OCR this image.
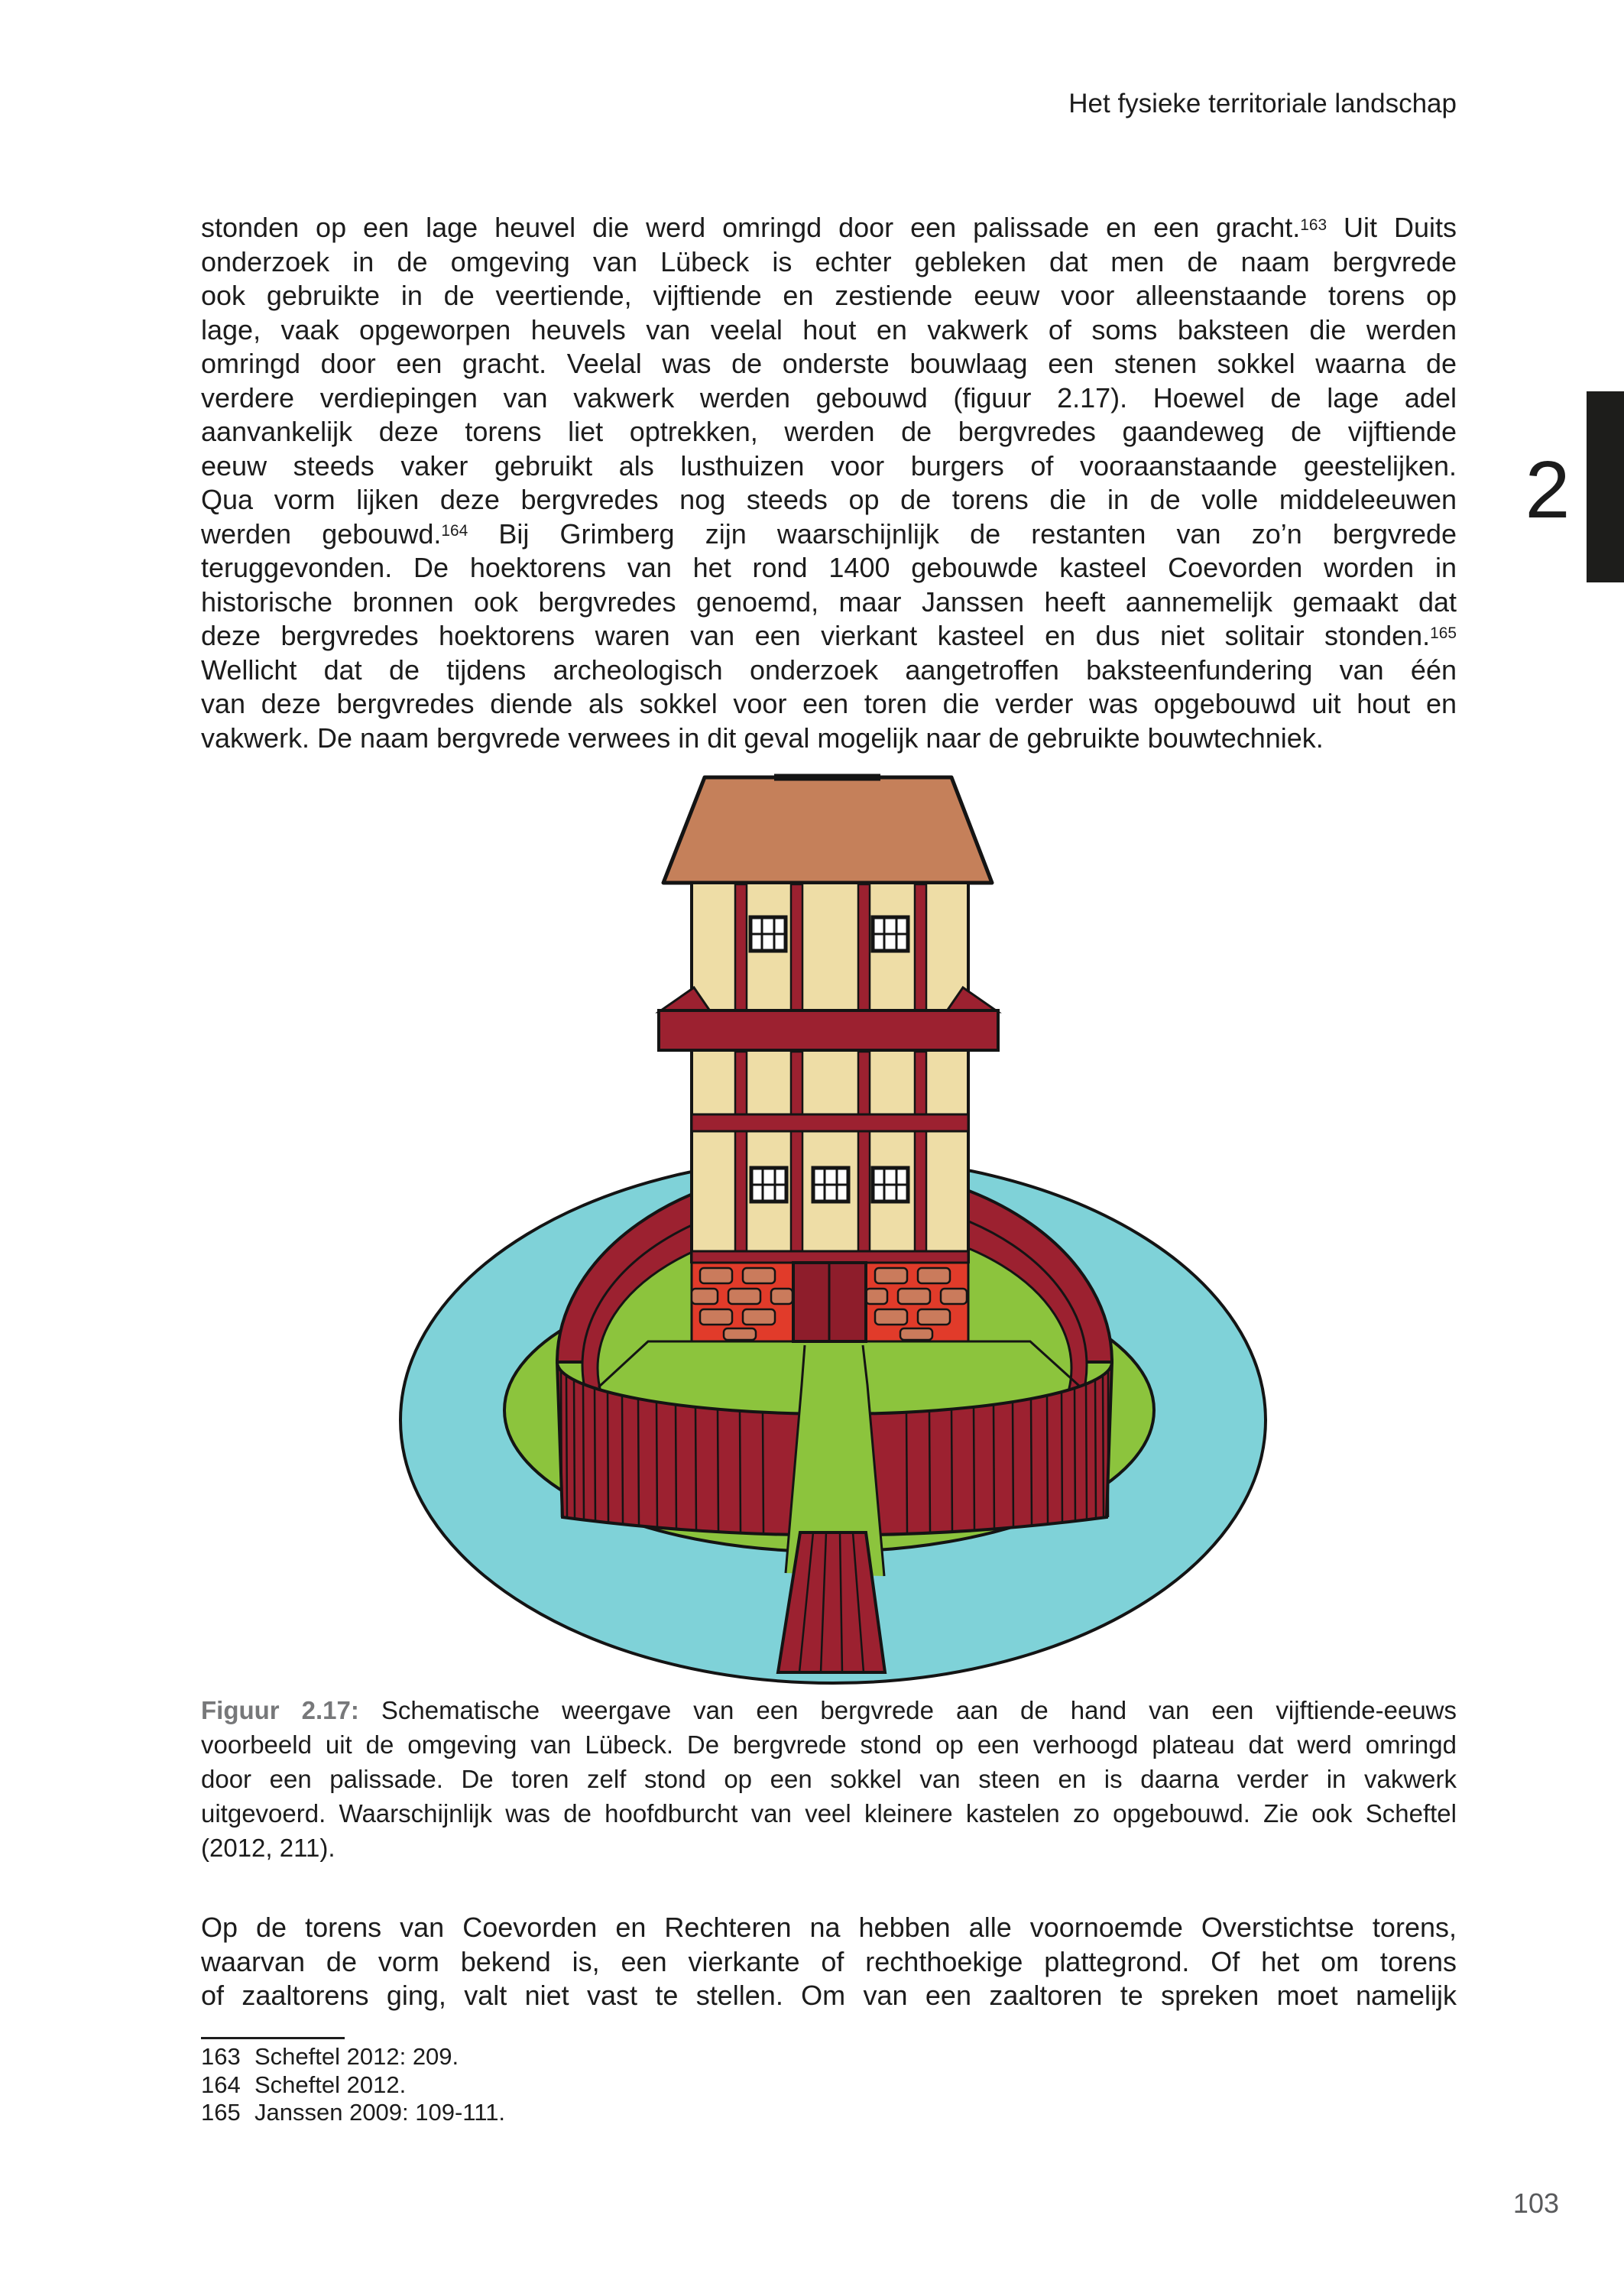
Het fysieke territoriale landschap
2
stonden op een lage heuvel die werd omringd door een palissade en een gracht.$^{163}$ Uit Duits
onderzoek in de omgeving van Lübeck is echter gebleken dat men de naam bergvrede
ook gebruikte in de veertiende, vijftiende en zestiende eeuw voor alleenstaande torens op
lage, vaak opgeworpen heuvels van veelal hout en vakwerk of soms baksteen die werden
omringd door een gracht. Veelal was de onderste bouwlaag een stenen sokkel waarna de
verdere verdiepingen van vakwerk werden gebouwd (figuur 2.17). Hoewel de lage adel
aanvankelijk deze torens liet optrekken, werden de bergvredes gaandeweg de vijftiende
eeuw steeds vaker gebruikt als lusthuizen voor burgers of vooraanstaande geestelijken.
Qua vorm lijken deze bergvredes nog steeds op de torens die in de volle middeleeuwen
werden gebouwd.$^{164}$ Bij Grimberg zijn waarschijnlijk de restanten van zo’n bergvrede
teruggevonden. De hoektorens van het rond 1400 gebouwde kasteel Coevorden worden in
historische bronnen ook bergvredes genoemd, maar Janssen heeft aannemelijk gemaakt dat
deze bergvredes hoektorens waren van een vierkant kasteel en dus niet solitair stonden.$^{165}$
Wellicht dat de tijdens archeologisch onderzoek aangetroffen baksteenfundering van één
van deze bergvredes diende als sokkel voor een toren die verder was opgebouwd uit hout en
vakwerk. De naam bergvrede verwees in dit geval mogelijk naar de gebruikte bouwtechniek.
Figuur 2.17: Schematische weergave van een bergvrede aan de hand van een vijftiende-eeuws
voorbeeld uit de omgeving van Lübeck. De bergvrede stond op een verhoogd plateau dat werd omringd
door een palissade. De toren zelf stond op een sokkel van steen en is daarna verder in vakwerk
uitgevoerd. Waarschijnlijk was de hoofdburcht van veel kleinere kastelen zo opgebouwd. Zie ook Scheftel
(2012, 211).
Op de torens van Coevorden en Rechteren na hebben alle voornoemde Overstichtse torens,
waarvan de vorm bekend is, een vierkante of rechthoekige plattegrond. Of het om torens
of zaaltorens ging, valt niet vast te stellen. Om van een zaaltoren te spreken moet namelijk
163 Scheftel 2012: 209.
164 Scheftel 2012.
165 Janssen 2009: 109-111.
103
